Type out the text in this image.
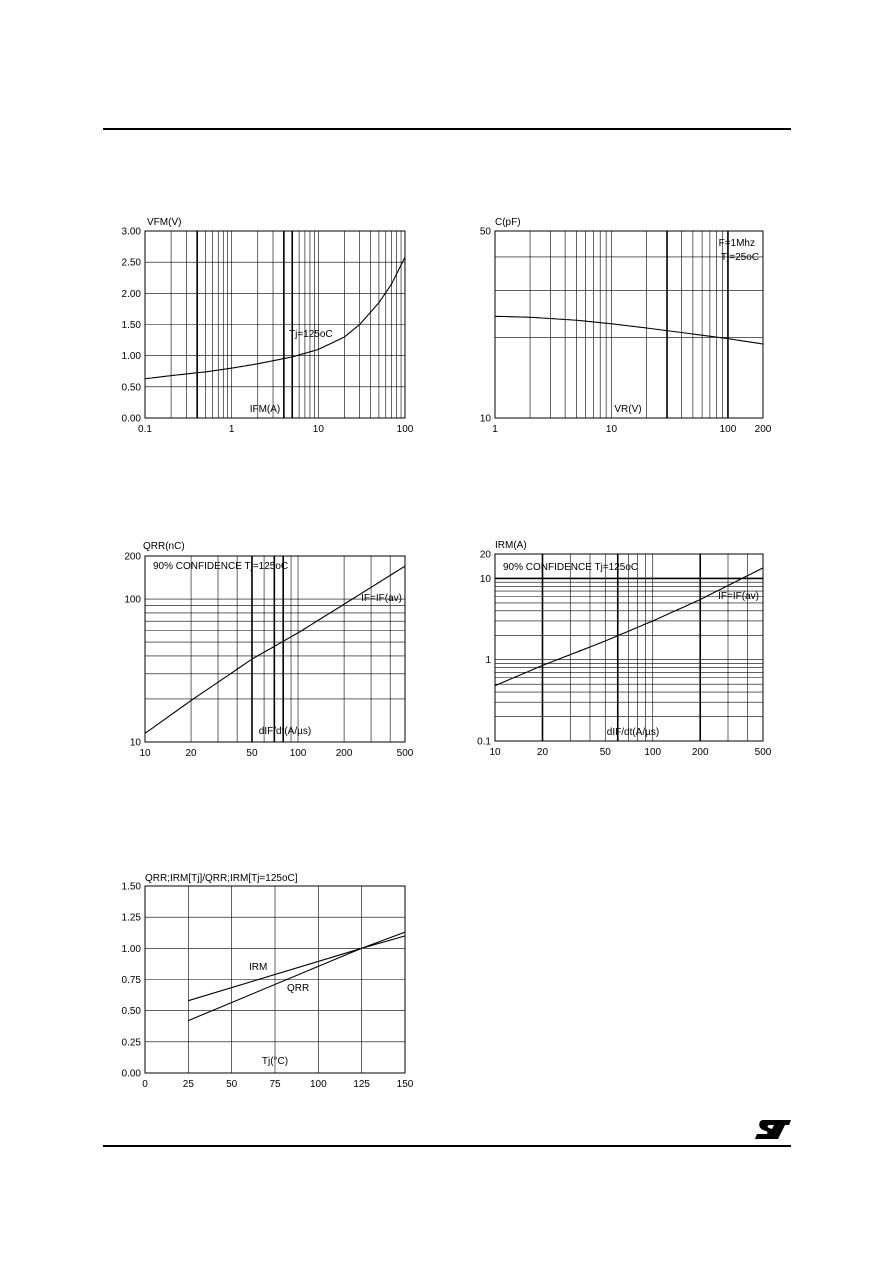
0.1	1	10	100
0.00
0.50
1.00
1.50
2.00
2.50
3.00
VFM(V)
IFM(A)
Tj=125oC
1	10	100 200
10
50
C(pF)
VR(V)
F=1Mhz
Tj=25oC
10	20	50	100	200	500
10
100
200
QRR(nC)
dIF/dt(A/µs)
90% CONFIDENCE Tj=125oC
IF=IF(av)
10	20	50	100	200	500
0.1
1
10
20
IRM(A)
dIF/dt(A/µs)
90% CONFIDENCE Tj=125oC
IF=IF(av)
0	25	50	75	100	125	150
0.00
0.25
0.50
0.75
1.00
1.25
1.50
QRR;IRM[Tj]/QRR;IRM[Tj=125oC]
Tj(°C)
IRM
QRR
